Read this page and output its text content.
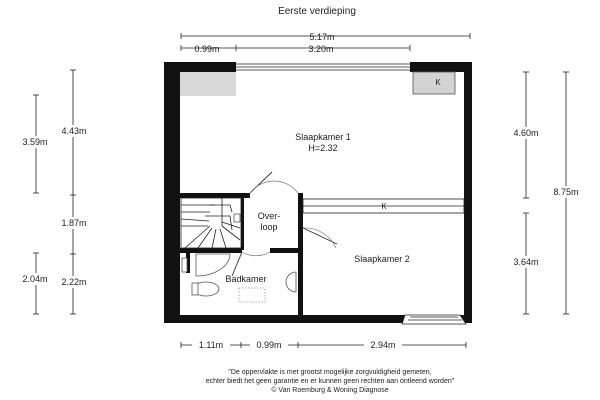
Eerste verdieping
5.17m
0.99m	3.20m
3.59m
2.04m
4.43m
1.87m
2.22m
4.60m
3.64m
8.75m
1.11m	0.99m	2.94m
K
K
Slaapkamer 1
H=2.32
Over-
loop
Slaapkamer 2
Badkamer
"De oppervlakte is met grootst mogelijke zorgvuldigheid gemeten,
echter biedt het geen garantie en er kunnen geen rechten aan ontleend worden"
© Van Roemburg & Woning Diagnose
